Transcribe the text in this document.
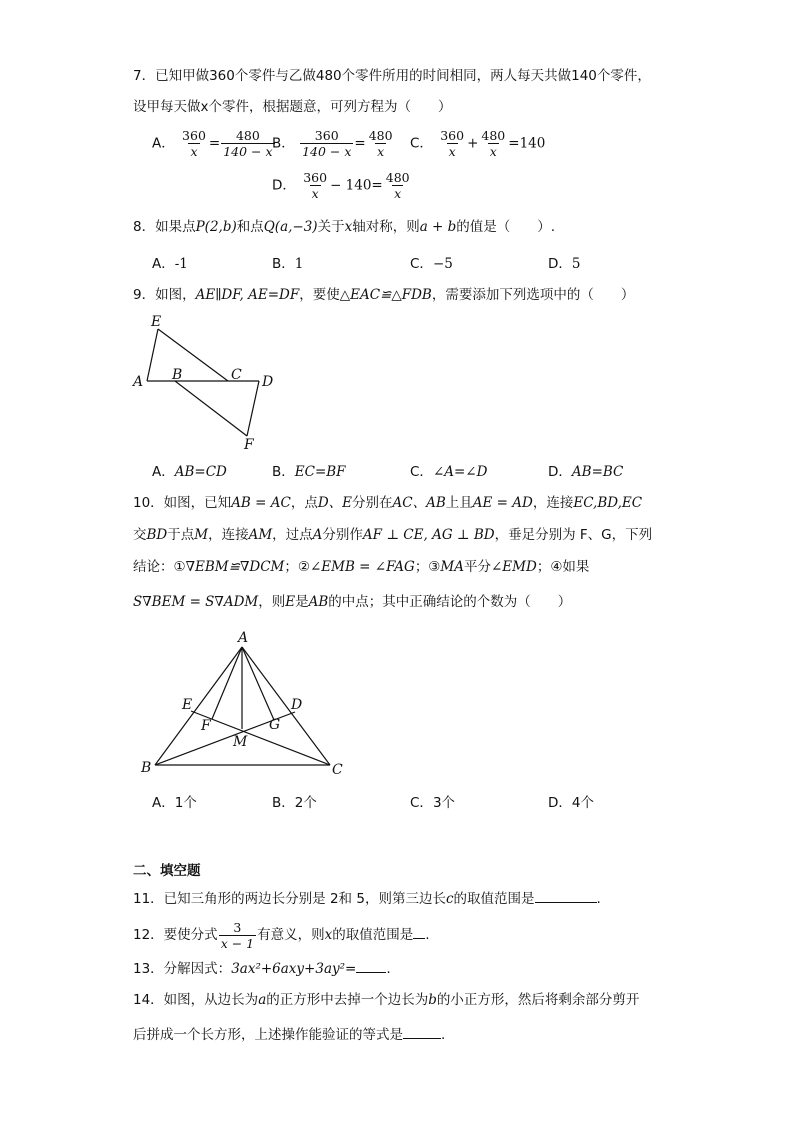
7．已知甲做360个零件与乙做480个零件所用的时间相同，两人每天共做140个零件，
设甲每天做x个零件，根据题意，可列方程为（　　）
A． $\frac{360}{x} = \frac{480}{140 - x}$
B． $\frac{360}{140 - x} = \frac{480}{x}$ C． $\frac{360}{x} + \frac{480}{x} =140$
D． $\frac{360}{x} - 140= \frac{480}{x}$
8．如果点P(2,b)和点Q(a,−3)关于x轴对称，则a + b的值是（　　）.
A．-1	B．1	C．−5	D．5
9．如图，AE∥DF, AE=DF，要使△EAC≌△FDB，需要添加下列选项中的（　　）
E
A B	C D
F
A．AB=CD	B．EC=BF	C．∠A=∠D	D．AB=BC
10．如图，已知AB = AC，点D、E分别在AC、AB上且AE = AD，连接EC,BD,EC
交BD于点M，连接AM，过点A分别作AF ⊥ CE, AG ⊥ BD，垂足分别为 F、G，下列
结论：①∇EBM≌∇DCM；②∠EMB = ∠FAG；③MA平分∠EMD；④如果
S∇BEM = S∇ADM，则E是AB的中点；其中正确结论的个数为（　　）
A
E	D
F	G
M
B	C
A．1个	B．2个	C．3个	D．4个
二、填空题
11．已知三角形的两边长分别是 2和 5，则第三边长c的取值范围是	.
12．要使分式 $\frac{3}{x - 1}$ 有意义，则x的取值范围是 .
13．分解因式：3ax²+6axy+3ay²= .
14．如图，从边长为a的正方形中去掉一个边长为b的小正方形，然后将剩余部分剪开
后拼成一个长方形，上述操作能验证的等式是	.
